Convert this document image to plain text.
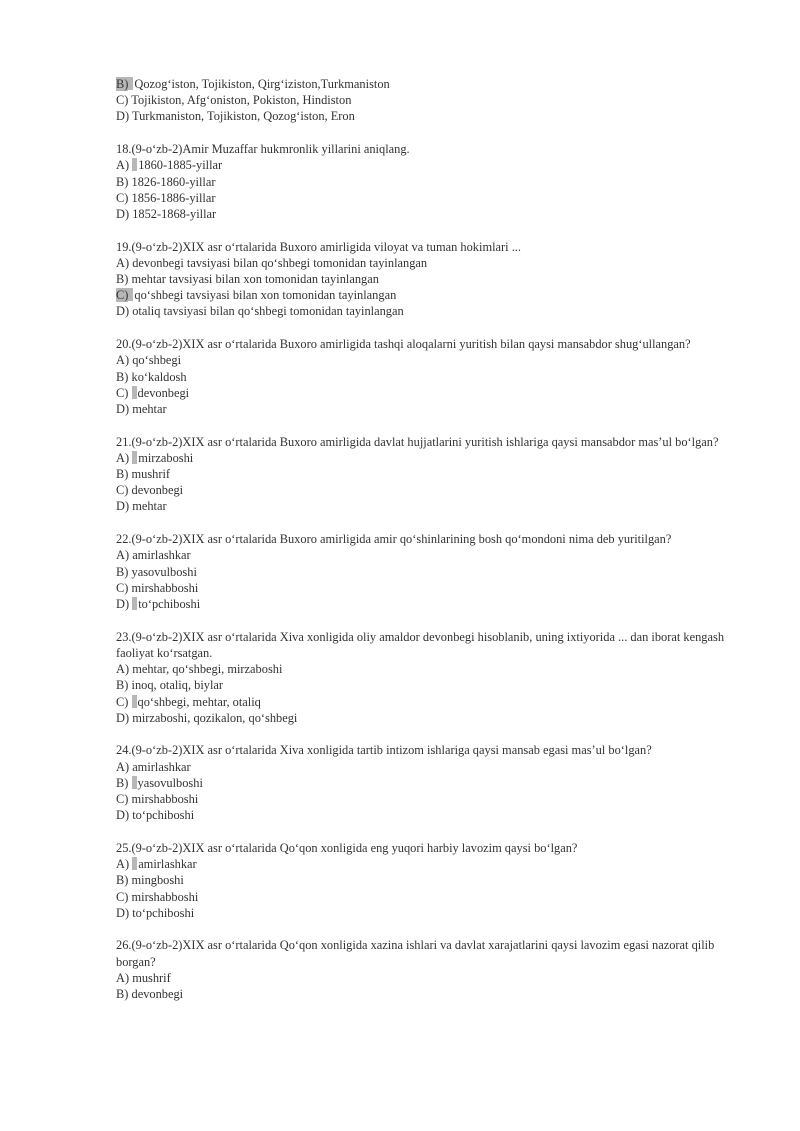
B) Qozog‘iston, Tojikiston, Qirg‘iziston,Turkmaniston
C) Tojikiston, Afg‘oniston, Pokiston, Hindiston
D) Turkmaniston, Tojikiston, Qozog‘iston, Eron
18.(9-o‘zb-2)Amir Muzaffar hukmronlik yillarini aniqlang.
A) 1860-1885-yillar
B) 1826-1860-yillar
C) 1856-1886-yillar
D) 1852-1868-yillar
19.(9-o‘zb-2)XIX asr o‘rtalarida Buxoro amirligida viloyat va tuman hokimlari ...
A) devonbegi tavsiyasi bilan qo‘shbegi tomonidan tayinlangan
B) mehtar tavsiyasi bilan xon tomonidan tayinlangan
C) qo‘shbegi tavsiyasi bilan xon tomonidan tayinlangan
D) otaliq tavsiyasi bilan qo‘shbegi tomonidan tayinlangan
20.(9-o‘zb-2)XIX asr o‘rtalarida Buxoro amirligida tashqi aloqalarni yuritish bilan qaysi mansabdor shug‘ullangan?
A) qo‘shbegi
B) ko‘kaldosh
C) devonbegi
D) mehtar
21.(9-o‘zb-2)XIX asr o‘rtalarida Buxoro amirligida davlat hujjatlarini yuritish ishlariga qaysi mansabdor mas’ul bo‘lgan?
A) mirzaboshi
B) mushrif
C) devonbegi
D) mehtar
22.(9-o‘zb-2)XIX asr o‘rtalarida Buxoro amirligida amir qo‘shinlarining bosh qo‘mondoni nima deb yuritilgan?
A) amirlashkar
B) yasovulboshi
C) mirshabboshi
D) to‘pchiboshi
23.(9-o‘zb-2)XIX asr o‘rtalarida Xiva xonligida oliy amaldor devonbegi hisoblanib, uning ixtiyorida ... dan iborat kengash faoliyat ko‘rsatgan.
A) mehtar, qo‘shbegi, mirzaboshi
B) inoq, otaliq, biylar
C) qo‘shbegi, mehtar, otaliq
D) mirzaboshi, qozikalon, qo‘shbegi
24.(9-o‘zb-2)XIX asr o‘rtalarida Xiva xonligida tartib intizom ishlariga qaysi mansab egasi mas’ul bo‘lgan?
A) amirlashkar
B) yasovulboshi
C) mirshabboshi
D) to‘pchiboshi
25.(9-o‘zb-2)XIX asr o‘rtalarida Qo‘qon xonligida eng yuqori harbiy lavozim qaysi bo‘lgan?
A) amirlashkar
B) mingboshi
C) mirshabboshi
D) to‘pchiboshi
26.(9-o‘zb-2)XIX asr o‘rtalarida Qo‘qon xonligida xazina ishlari va davlat xarajatlarini qaysi lavozim egasi nazorat qilib borgan?
A) mushrif
B) devonbegi
